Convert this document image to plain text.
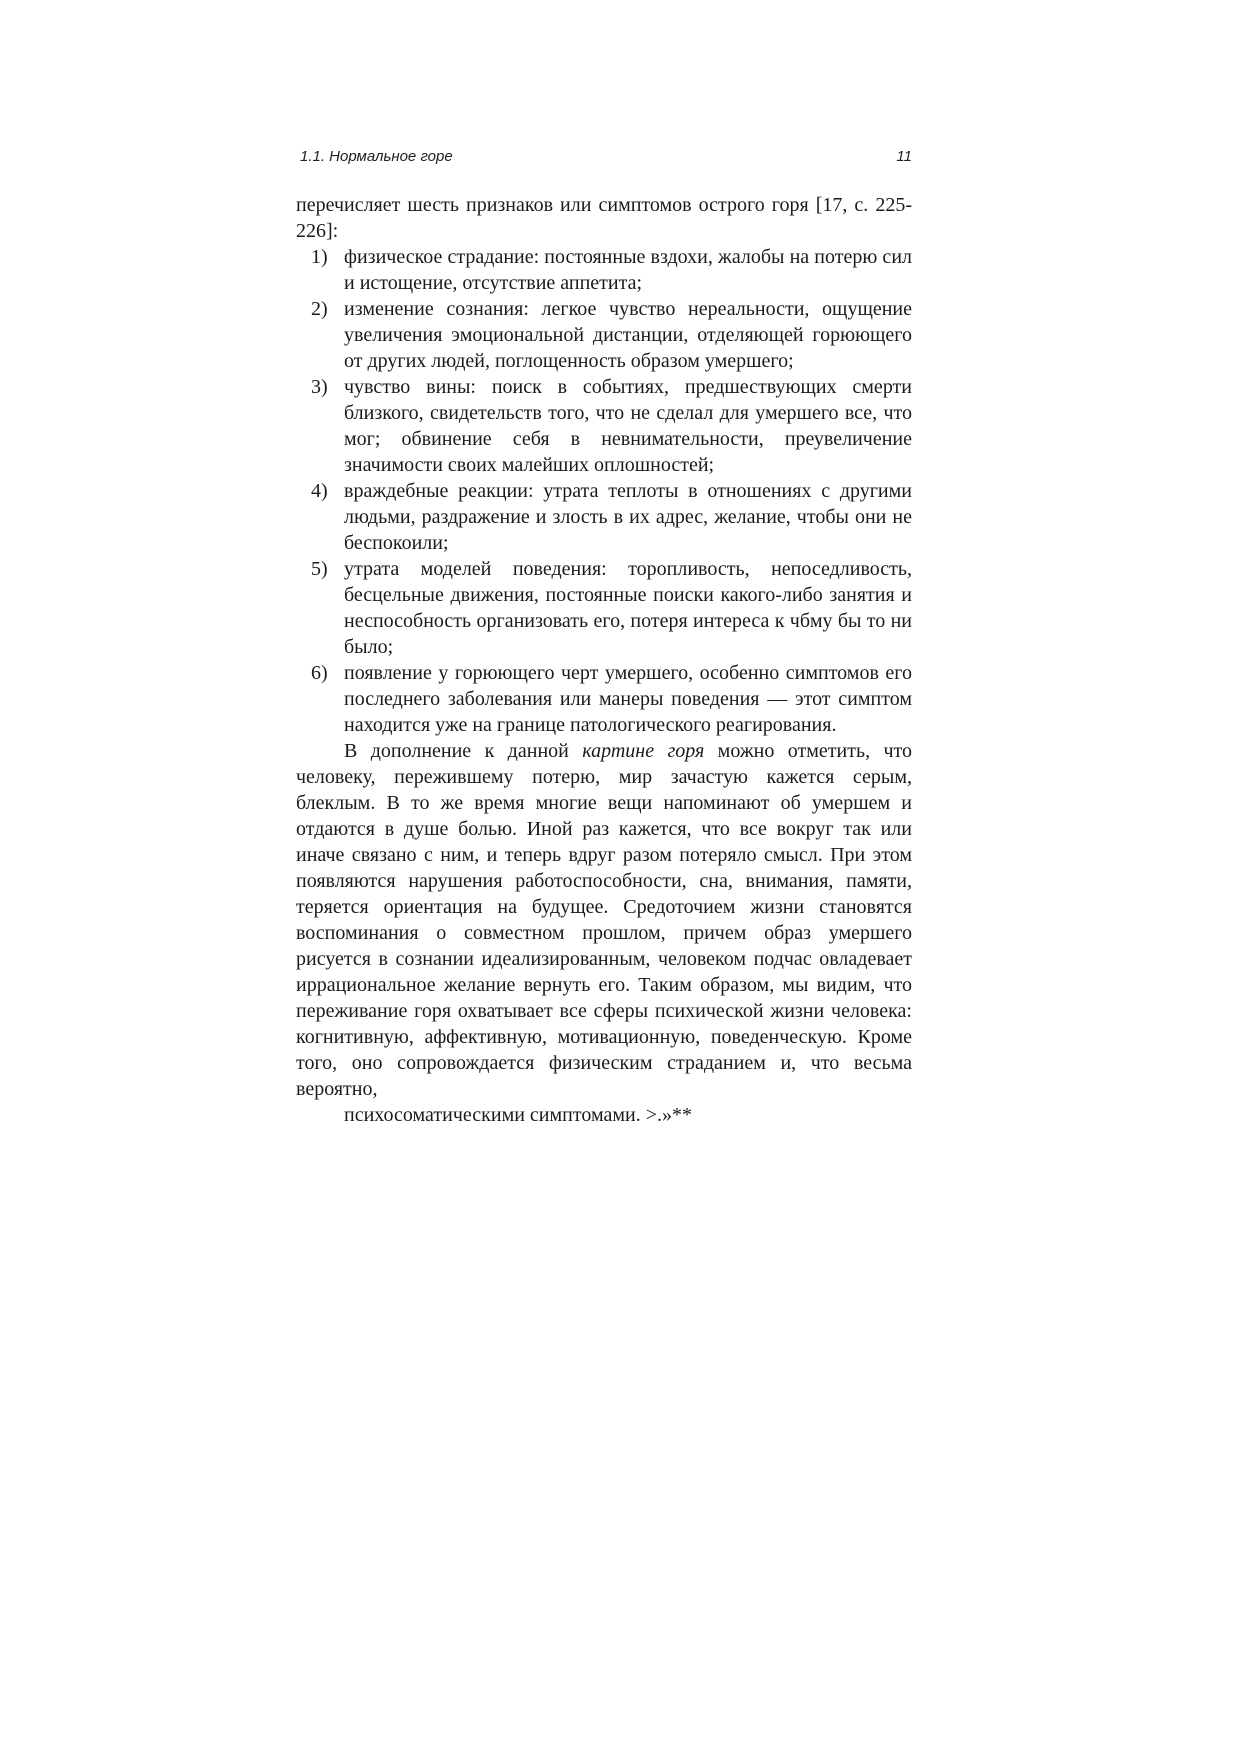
1.1. Нормальное горе	11

перечисляет шесть признаков или симптомов острого горя [17, с. 225-226]:

1) физическое страдание: постоянные вздохи, жалобы на потерю сил и истощение, отсутствие аппетита;
2) изменение сознания: легкое чувство нереальности, ощущение увеличения эмоциональной дистанции, отделяющей горюющего от других людей, поглощенность образом умершего;
3) чувство вины: поиск в событиях, предшествующих смерти близкого, свидетельств того, что не сделал для умершего все, что мог; обвинение себя в невнимательности, преувеличение значимости своих малейших оплошностей;
4) враждебные реакции: утрата теплоты в отношениях с другими людьми, раздражение и злость в их адрес, желание, чтобы они не беспокоили;
5) утрата моделей поведения: торопливость, непоседливость, бесцельные движения, постоянные поиски какого-либо занятия и неспособность организовать его, потеря интереса к чбму бы то ни было;
6) появление у горюющего черт умершего, особенно симптомов его последнего заболевания или манеры поведения — этот симптом находится уже на границе патологического реагирования.

В дополнение к данной картине горя можно отметить, что человеку, пережившему потерю, мир зачастую кажется серым, блеклым. В то же время многие вещи напоминают об умершем и отдаются в душе болью. Иной раз кажется, что все вокруг так или иначе связано с ним, и теперь вдруг разом потеряло смысл. При этом появляются нарушения работоспособности, сна, внимания, памяти, теряется ориентация на будущее. Средоточием жизни становятся воспоминания о совместном прошлом, причем образ умершего рисуется в сознании идеализированным, человеком подчас овладевает иррациональное желание вернуть его. Таким образом, мы видим, что переживание горя охватывает все сферы психической жизни человека: когнитивную, аффективную, мотивационную, поведенческую. Кроме того, оно сопровождается физическим страданием и, что весьма вероятно,
психосоматическими симптомами. >.»**
